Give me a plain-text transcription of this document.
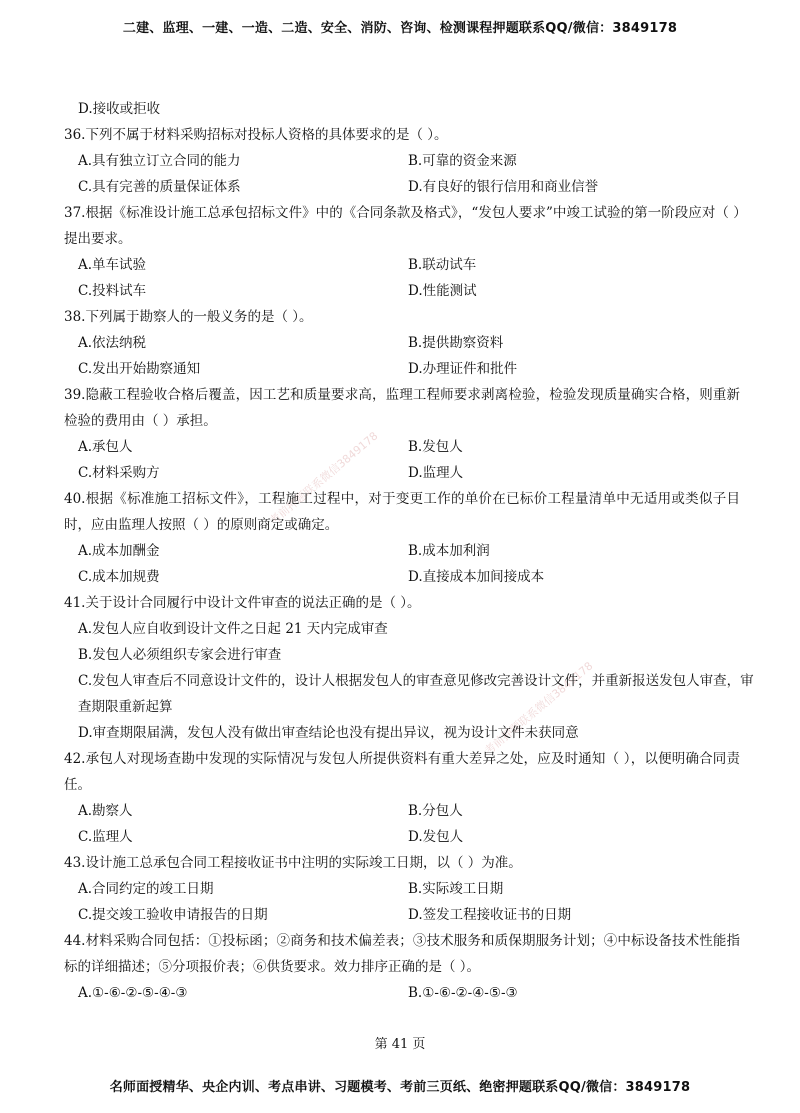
二建、监理、一建、一造、二造、安全、消防、咨询、检测课程押题联系QQ/微信：3849178
考前押题联系微信3849178
考前押题联系微信3849178
D.接收或拒收
36.下列不属于材料采购招标对投标人资格的具体要求的是（ ）。
A.具有独立订立合同的能力	B.可靠的资金来源
C.具有完善的质量保证体系	D.有良好的银行信用和商业信誉
37.根据《标准设计施工总承包招标文件》中的《合同条款及格式》，“发包人要求”中竣工试验的第一阶段应对（ ）提出要求。
A.单车试验	B.联动试车
C.投料试车	D.性能测试
38.下列属于勘察人的一般义务的是（ ）。
A.依法纳税	B.提供勘察资料
C.发出开始勘察通知	D.办理证件和批件
39.隐蔽工程验收合格后覆盖，因工艺和质量要求高，监理工程师要求剥离检验，检验发现质量确实合格，则重新检验的费用由（ ）承担。
A.承包人	B.发包人
C.材料采购方	D.监理人
40.根据《标准施工招标文件》，工程施工过程中，对于变更工作的单价在已标价工程量清单中无适用或类似子目时，应由监理人按照（ ）的原则商定或确定。
A.成本加酬金	B.成本加利润
C.成本加规费	D.直接成本加间接成本
41.关于设计合同履行中设计文件审查的说法正确的是（ ）。
A.发包人应自收到设计文件之日起 21 天内完成审查
B.发包人必须组织专家会进行审查
C.发包人审查后不同意设计文件的，设计人根据发包人的审查意见修改完善设计文件，并重新报送发包人审查，审查期限重新起算
D.审查期限届满，发包人没有做出审查结论也没有提出异议，视为设计文件未获同意
42.承包人对现场查勘中发现的实际情况与发包人所提供资料有重大差异之处，应及时通知（ ），以便明确合同责任。
A.勘察人	B.分包人
C.监理人	D.发包人
43.设计施工总承包合同工程接收证书中注明的实际竣工日期，以（ ）为准。
A.合同约定的竣工日期	B.实际竣工日期
C.提交竣工验收申请报告的日期	D.签发工程接收证书的日期
44.材料采购合同包括：①投标函；②商务和技术偏差表；③技术服务和质保期服务计划；④中标设备技术性能指标的详细描述；⑤分项报价表；⑥供货要求。效力排序正确的是（ ）。
A.①-⑥-②-⑤-④-③	B.①-⑥-②-④-⑤-③
第 41 页
名师面授精华、央企内训、考点串讲、习题模考、考前三页纸、绝密押题联系QQ/微信：3849178
